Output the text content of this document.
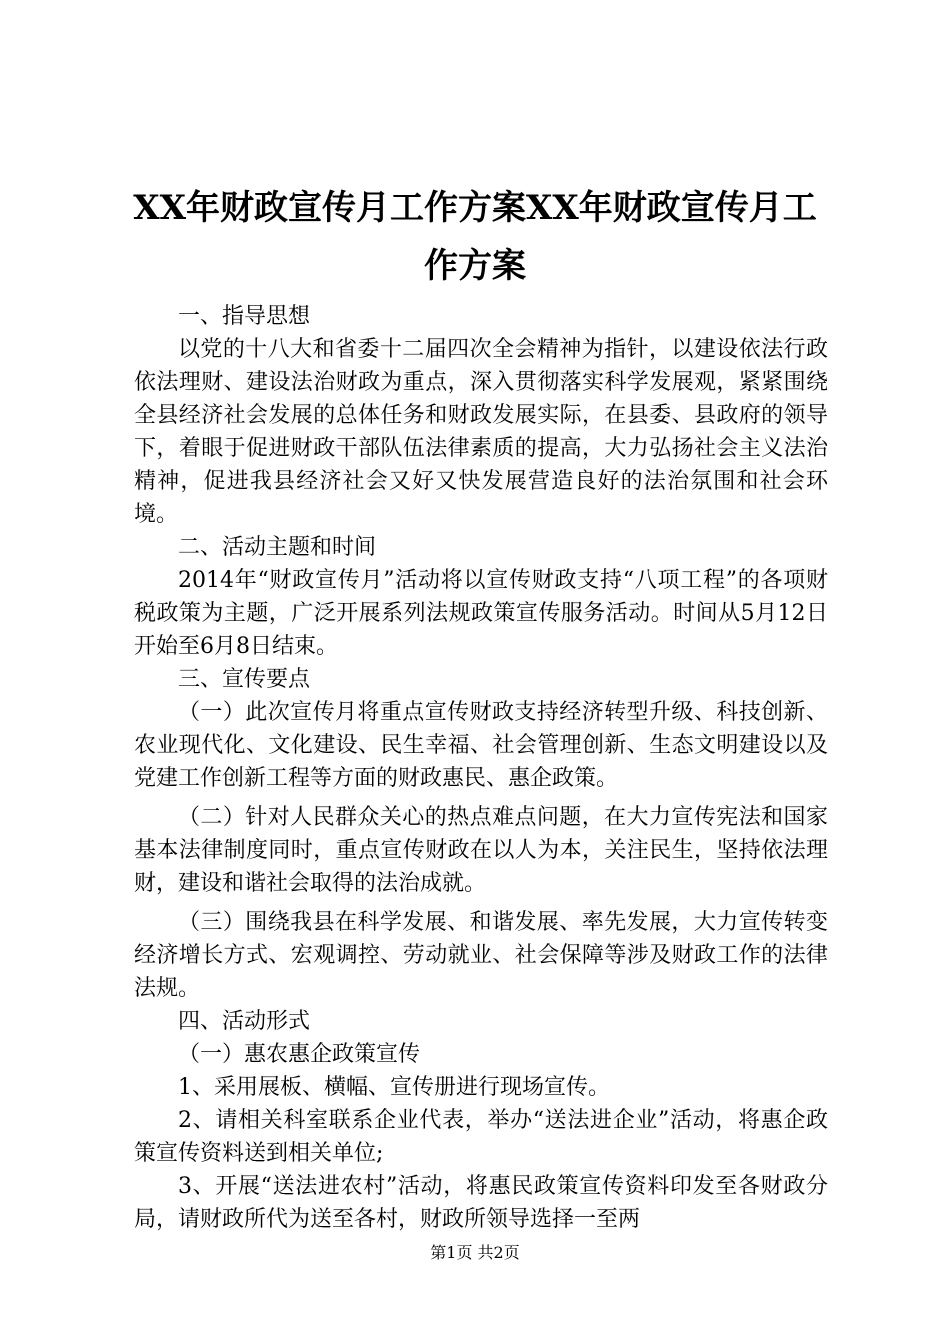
XX年财政宣传月工作方案XX年财政宣传月工
作方案

一、指导思想

以党的十八大和省委十二届四次全会精神为指针，以建设依法行政依法理财、建设法治财政为重点，深入贯彻落实科学发展观，紧紧围绕全县经济社会发展的总体任务和财政发展实际，在县委、县政府的领导下，着眼于促进财政干部队伍法律素质的提高，大力弘扬社会主义法治精神，促进我县经济社会又好又快发展营造良好的法治氛围和社会环境。

二、活动主题和时间

2014年“财政宣传月”活动将以宣传财政支持“八项工程”的各项财税政策为主题，广泛开展系列法规政策宣传服务活动。时间从5月12日开始至6月8日结束。

三、宣传要点

（一）此次宣传月将重点宣传财政支持经济转型升级、科技创新、农业现代化、文化建设、民生幸福、社会管理创新、生态文明建设以及党建工作创新工程等方面的财政惠民、惠企政策。

（二）针对人民群众关心的热点难点问题，在大力宣传宪法和国家基本法律制度同时，重点宣传财政在以人为本，关注民生，坚持依法理财，建设和谐社会取得的法治成就。

（三）围绕我县在科学发展、和谐发展、率先发展，大力宣传转变经济增长方式、宏观调控、劳动就业、社会保障等涉及财政工作的法律法规。

四、活动形式

（一）惠农惠企政策宣传

1、采用展板、横幅、宣传册进行现场宣传。

2、请相关科室联系企业代表，举办“送法进企业”活动，将惠企政策宣传资料送到相关单位;

3、开展“送法进农村”活动，将惠民政策宣传资料印发至各财政分局，请财政所代为送至各村，财政所领导选择一至两

第1页 共2页
